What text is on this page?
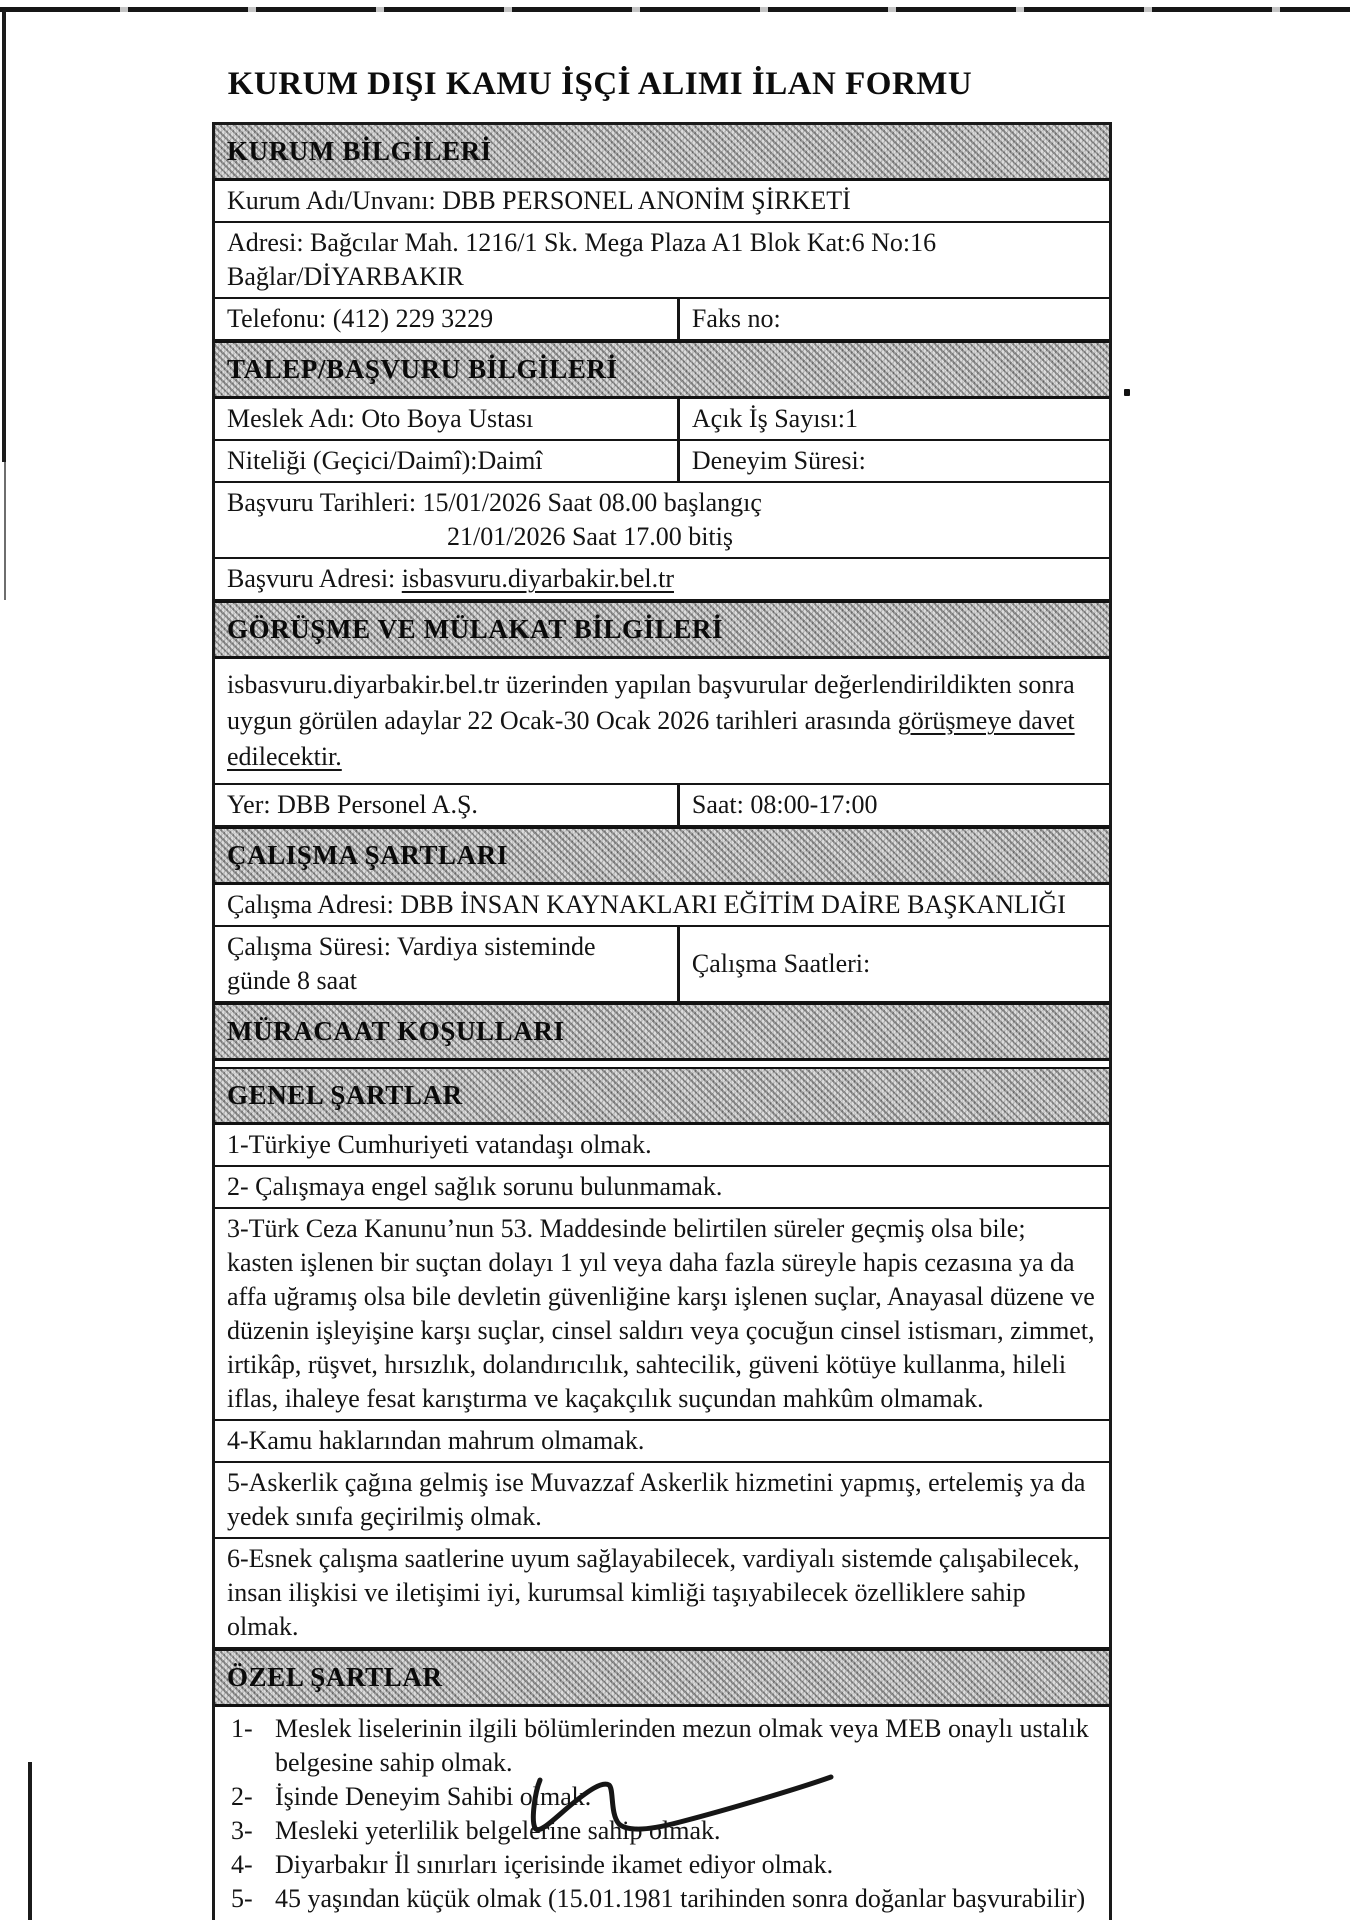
KURUM DIŞI KAMU İŞÇİ ALIMI İLAN FORMU
KURUM BİLGİLERİ
Kurum Adı/Unvanı: DBB PERSONEL ANONİM ŞİRKETİ
Adresi: Bağcılar Mah. 1216/1 Sk. Mega Plaza A1 Blok Kat:6 No:16 Bağlar/DİYARBAKIR
Telefonu: (412) 229 3229	Faks no:
TALEP/BAŞVURU BİLGİLERİ
Meslek Adı: Oto Boya Ustası	Açık İş Sayısı:1
Niteliği (Geçici/Daimî):Daimî	Deneyim Süresi:
Başvuru Tarihleri: 15/01/2026 Saat 08.00 başlangıç
21/01/2026 Saat 17.00 bitiş
Başvuru Adresi: isbasvuru.diyarbakir.bel.tr
GÖRÜŞME VE MÜLAKAT BİLGİLERİ
isbasvuru.diyarbakir.bel.tr üzerinden yapılan başvurular değerlendirildikten sonra uygun görülen adaylar 22 Ocak-30 Ocak 2026 tarihleri arasında görüşmeye davet edilecektir.
Yer: DBB Personel A.Ş.	Saat: 08:00-17:00
ÇALIŞMA ŞARTLARI
Çalışma Adresi: DBB İNSAN KAYNAKLARI EĞİTİM DAİRE BAŞKANLIĞI
Çalışma Süresi: Vardiya sisteminde günde 8 saat
Çalışma Saatleri:
MÜRACAAT KOŞULLARI
GENEL ŞARTLAR
1-Türkiye Cumhuriyeti vatandaşı olmak.
2- Çalışmaya engel sağlık sorunu bulunmamak.
3-Türk Ceza Kanunu’nun 53. Maddesinde belirtilen süreler geçmiş olsa bile; kasten işlenen bir suçtan dolayı 1 yıl veya daha fazla süreyle hapis cezasına ya da affa uğramış olsa bile devletin güvenliğine karşı işlenen suçlar, Anayasal düzene ve düzenin işleyişine karşı suçlar, cinsel saldırı veya çocuğun cinsel istismarı, zimmet, irtikâp, rüşvet, hırsızlık, dolandırıcılık, sahtecilik, güveni kötüye kullanma, hileli iflas, ihaleye fesat karıştırma ve kaçakçılık suçundan mahkûm olmamak.
4-Kamu haklarından mahrum olmamak.
5-Askerlik çağına gelmiş ise Muvazzaf Askerlik hizmetini yapmış, ertelemiş ya da yedek sınıfa geçirilmiş olmak.
6-Esnek çalışma saatlerine uyum sağlayabilecek, vardiyalı sistemde çalışabilecek, insan ilişkisi ve iletişimi iyi, kurumsal kimliği taşıyabilecek özelliklere sahip olmak.
ÖZEL ŞARTLAR
1- Meslek liselerinin ilgili bölümlerinden mezun olmak veya MEB onaylı ustalık belgesine sahip olmak.
2- İşinde Deneyim Sahibi olmak.
3- Mesleki yeterlilik belgelerine sahip olmak.
4- Diyarbakır İl sınırları içerisinde ikamet ediyor olmak.
5- 45 yaşından küçük olmak (15.01.1981 tarihinden sonra doğanlar başvurabilir)
